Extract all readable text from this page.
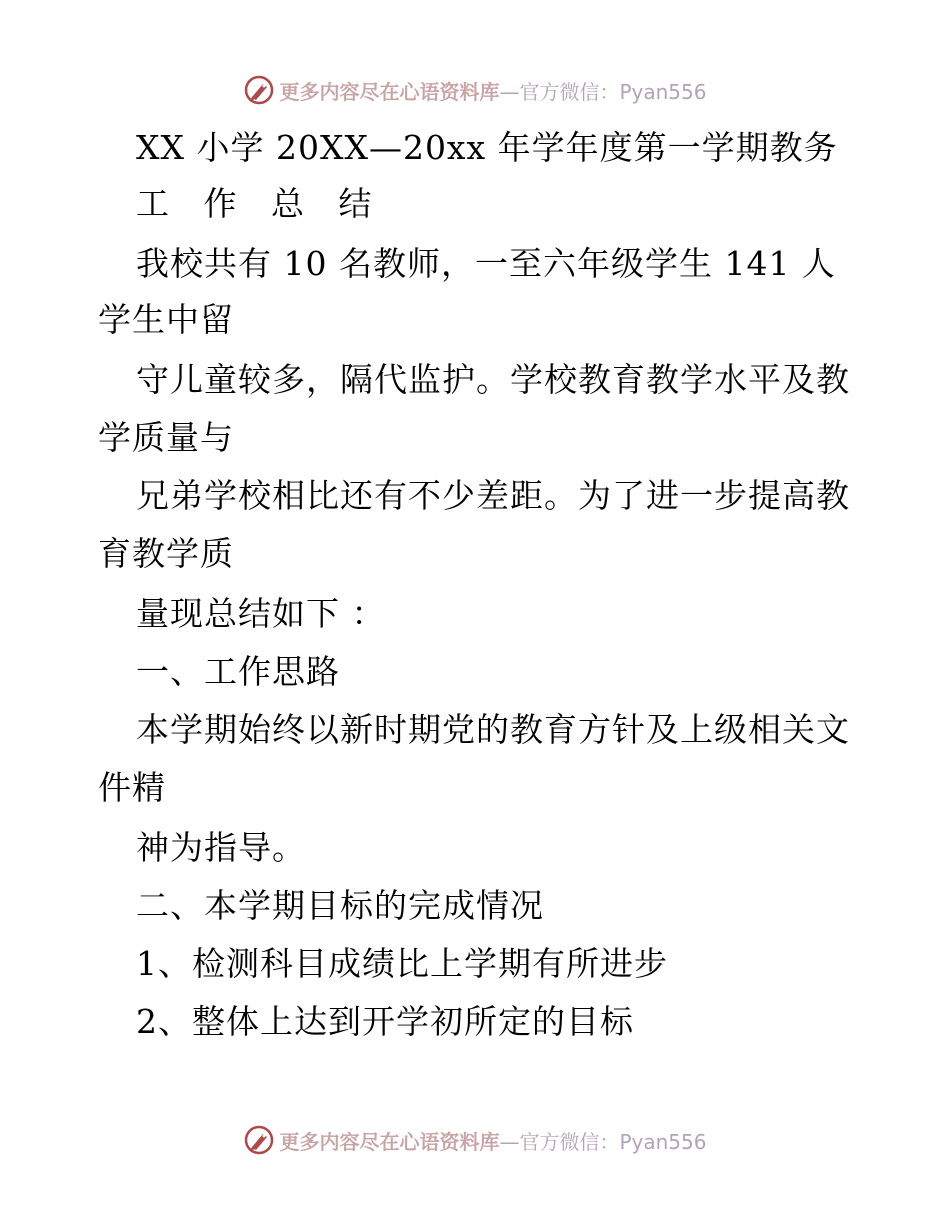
更多内容尽在心语资料库 —官方微信：Pyan556
XX 小学 20XX—20xx 年学年度第一学期教务
工 作 总 结
我校共有 10 名教师，一至六年级学生 141 人
学生中留
守儿童较多，隔代监护。学校教育教学水平及教
学质量与
兄弟学校相比还有不少差距。为了进一步提高教
育教学质
量现总结如下 ：
一、工作思路
本学期始终以新时期党的教育方针及上级相关文
件精
神为指导。
二、本学期目标的完成情况
1、检测科目成绩比上学期有所进步
2、整体上达到开学初所定的目标
更多内容尽在心语资料库 —官方微信：Pyan556
